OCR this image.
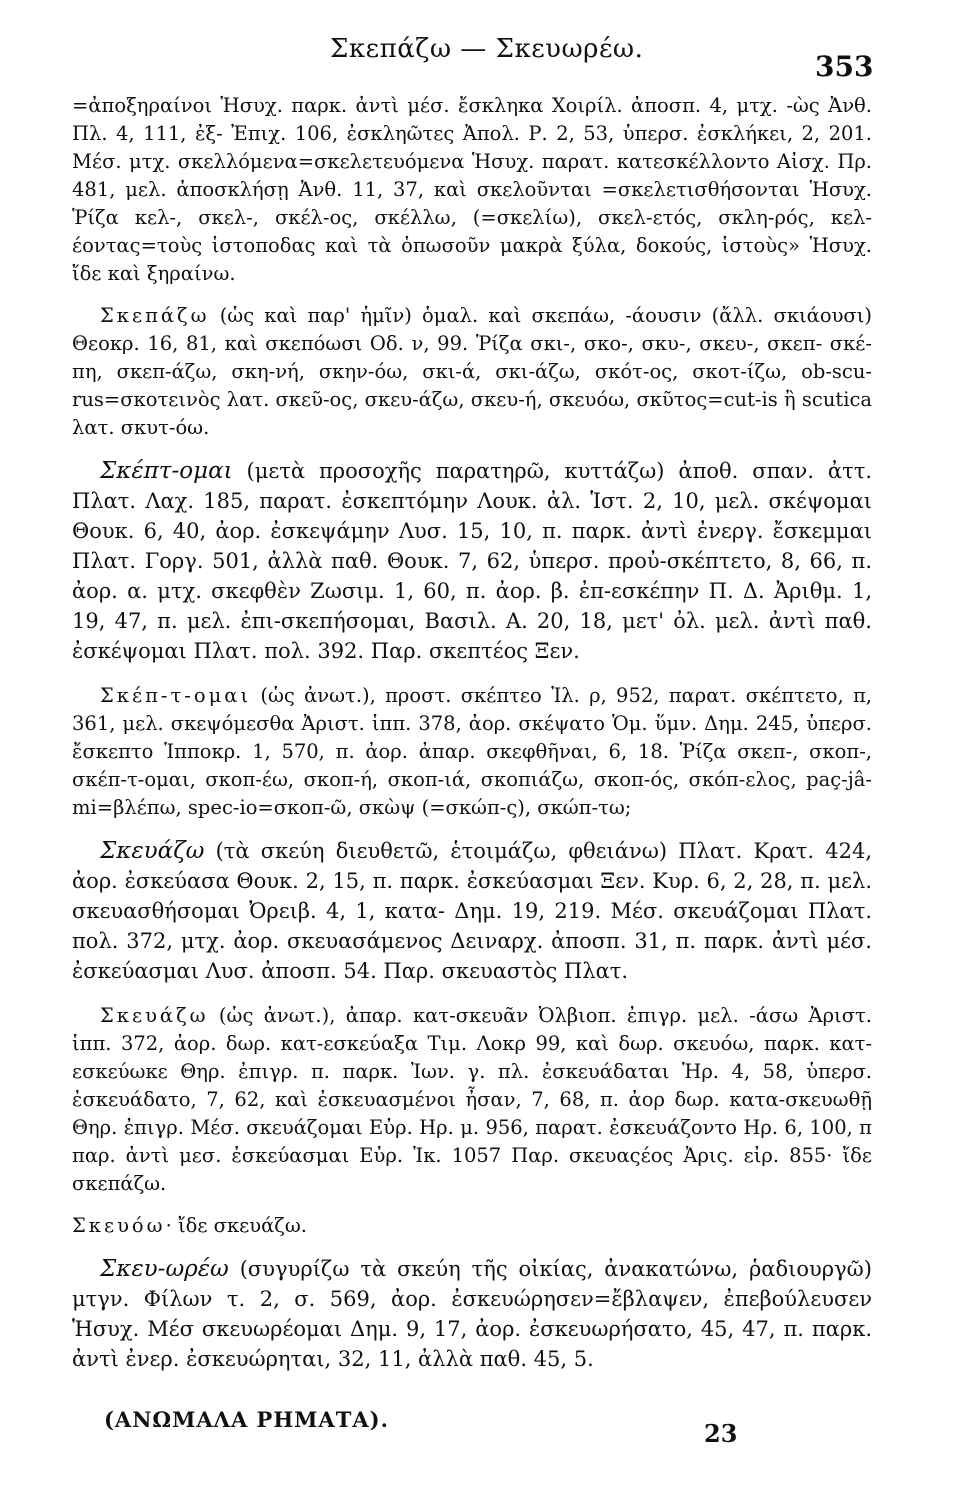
Σκεπάζω — Σκευωρέω.
353

=ἀποξηραίνοι Ἡσυχ. παρκ. ἀντὶ μέσ. ἔσκληκα Χοιρίλ. ἀποσπ. 4, μτχ. -ὼς Ἀνθ. Πλ. 4, 111, ἐξ- Ἐπιχ. 106, ἐσκληῶτες Ἀπολ. Ρ. 2, 53, ὑπερσ. ἐσκλήκει, 2, 201. Μέσ. μτχ. σκελλόμενα=σκελετευόμενα Ἡσυχ. παρατ. κατεσκέλλοντο Αἰσχ. Πρ. 481, μελ. ἀποσκλήσῃ Ἀνθ. 11, 37, καὶ σκελοῦνται =σκελετισθήσονται Ἡσυχ. Ῥίζα κελ-, σκελ-, σκέλ-ος, σκέλλω, (=σκελίω), σκελ-ετός, σκλη-ρός, κελ-έοντας=τοὺς ἱστοποδας καὶ τὰ ὁπωσοῦν μακρὰ ξύλα, δοκούς, ἱστοὺς» Ἡσυχ. ἴδε καὶ ξηραίνω.

Σκεπάζω (ὡς καὶ παρ' ἡμῖν) ὁμαλ. καὶ σκεπάω, -άουσιν (ἄλλ. σκιάουσι) Θεοκρ. 16, 81, καὶ σκεπόωσι Οδ. ν, 99. Ῥίζα σκι-, σκο-, σκυ-, σκευ-, σκεπ- σκέ-πη, σκεπ-άζω, σκη-νή, σκην-όω, σκι-ά, σκι-άζω, σκότ-ος, σκοτ-ίζω, ob-scu-rus=σκοτεινὸς λατ. σκεῦ-ος, σκευ-άζω, σκευ-ή, σκευόω, σκῦτος=cut-is ἢ scutica λατ. σκυτ-όω.

Σκέπτ-ομαι (μετὰ προσοχῆς παρατηρῶ, κυττάζω) ἀποθ. σπαν. ἀττ. Πλατ. Λαχ. 185, παρατ. ἐσκεπτόμην Λουκ. ἀλ. Ἱστ. 2, 10, μελ. σκέψομαι Θουκ. 6, 40, ἀορ. ἐσκεψάμην Λυσ. 15, 10, π. παρκ. ἀντὶ ἐνεργ. ἔσκεμμαι Πλατ. Γοργ. 501, ἀλλὰ παθ. Θουκ. 7, 62, ὑπερσ. προὐ-σκέπτετο, 8, 66, π. ἀορ. α. μτχ. σκεφθὲν Ζωσιμ. 1, 60, π. ἀορ. β. ἐπ-εσκέπην Π. Δ. Ἀριθμ. 1, 19, 47, π. μελ. ἐπι-σκεπήσομαι, Βασιλ. Α. 20, 18, μετ' ὀλ. μελ. ἀντὶ παθ. ἐσκέψομαι Πλατ. πολ. 392. Παρ. σκεπτέος Ξεν.

Σκέπ-τ-ομαι (ὡς ἀνωτ.), προστ. σκέπτεο Ἰλ. ρ, 952, παρατ. σκέπτετο, π, 361, μελ. σκεψόμεσθα Ἀριστ. ἱππ. 378, ἀορ. σκέψατο Ὁμ. ὕμν. Δημ. 245, ὑπερσ. ἔσκεπτο Ἱπποκρ. 1, 570, π. ἀορ. ἀπαρ. σκεφθῆναι, 6, 18. Ῥίζα σκεπ-, σκοπ-, σκέπ-τ-ομαι, σκοπ-έω, σκοπ-ή, σκοπ-ιά, σκοπιάζω, σκοπ-ός, σκόπ-ελος, paç-jâ-mi=βλέπω, spec-io=σκοπ-ῶ, σκὼψ (=σκώπ-ς), σκώπ-τω;

Σκευάζω (τὰ σκεύη διευθετῶ, ἑτοιμάζω, φθειάνω) Πλατ. Κρατ. 424, ἀορ. ἐσκεύασα Θουκ. 2, 15, π. παρκ. ἐσκεύασμαι Ξεν. Κυρ. 6, 2, 28, π. μελ. σκευασθήσομαι Ὀρειβ. 4, 1, κατα- Δημ. 19, 219. Μέσ. σκευάζομαι Πλατ. πολ. 372, μτχ. ἀορ. σκευασάμενος Δειναρχ. ἀποσπ. 31, π. παρκ. ἀντὶ μέσ. ἐσκεύασμαι Λυσ. ἀποσπ. 54. Παρ. σκευαστὸς Πλατ.

Σκευάζω (ὡς ἀνωτ.), ἀπαρ. κατ-σκευᾶν Ὀλβιοπ. ἐπιγρ. μελ. -άσω Ἀριστ. ἱππ. 372, ἀορ. δωρ. κατ-εσκεύαξα Τιμ. Λοκρ 99, καὶ δωρ. σκευόω, παρκ. κατ-εσκεύωκε Θηρ. ἐπιγρ. π. παρκ. Ἰων. γ. πλ. ἐσκευάδαται Ἡρ. 4, 58, ὑπερσ. ἐσκευάδατο, 7, 62, καὶ ἐσκευασμένοι ἦσαν, 7, 68, π. ἀορ δωρ. κατα-σκευωθῇ Θηρ. ἐπιγρ. Μέσ. σκευάζομαι Εὐρ. Ηρ. μ. 956, παρατ. ἐσκευάζοντο Ηρ. 6, 100, π παρ. ἀντὶ μεσ. ἐσκεύασμαι Εὐρ. Ἰκ. 1057 Παρ. σκευαςέος Ἀρις. εἰρ. 855· ἴδε σκεπάζω.

Σκευόω· ἴδε σκευάζω.

Σκευ-ωρέω (συγυρίζω τὰ σκεύη τῆς οἰκίας, ἀνακατώνω, ῥαδιουργῶ) μτγν. Φίλων τ. 2, σ. 569, ἀορ. ἐσκευώρησεν=ἔβλαψεν, ἐπεβούλευσεν Ἡσυχ. Μέσ σκευωρέομαι Δημ. 9, 17, ἀορ. ἐσκευωρήσατο, 45, 47, π. παρκ. ἀντὶ ἐνερ. ἐσκευώρηται, 32, 11, ἀλλὰ παθ. 45, 5.

(ΑΝΩΜΑΛΑ ΡΗΜΑΤΑ).	23
